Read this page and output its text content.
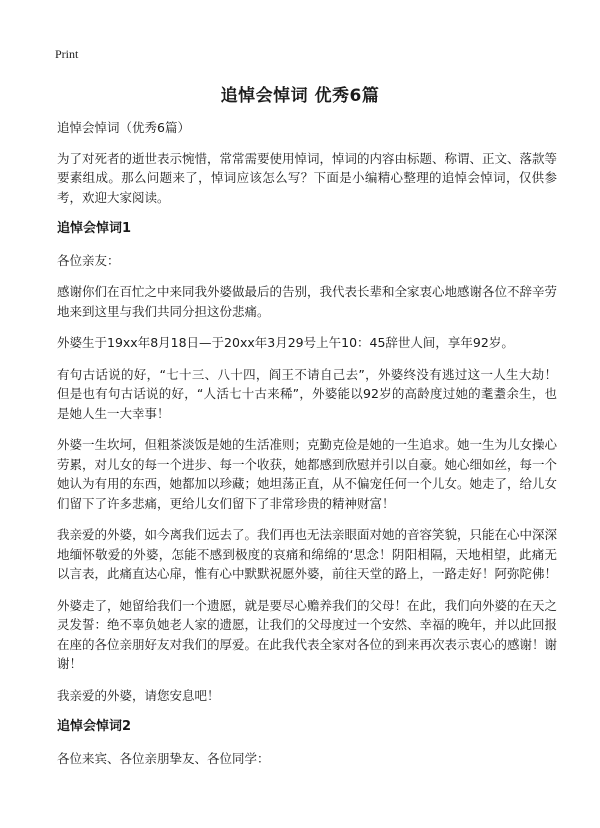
Print
追悼会悼词 优秀6篇

追悼会悼词（优秀6篇）

为了对死者的逝世表示惋惜，常常需要使用悼词，悼词的内容由标题、称谓、正文、落款等要素组成。那么问题来了，悼词应该怎么写？下面是小编精心整理的追悼会悼词，仅供参考，欢迎大家阅读。

追悼会悼词1

各位亲友：

感谢你们在百忙之中来同我外婆做最后的告别，我代表长辈和全家衷心地感谢各位不辞辛劳地来到这里与我们共同分担这份悲痛。

外婆生于19xx年8月18日—于20xx年3月29号上午10：45辞世人间，享年92岁。

有句古话说的好，“七十三、八十四，阎王不请自己去”，外婆终没有逃过这一人生大劫！但是也有句古话说的好，“人活七十古来稀”，外婆能以92岁的高龄度过她的耄耋余生，也是她人生一大幸事！

外婆一生坎坷，但粗茶淡饭是她的生活准则；克勤克俭是她的一生追求。她一生为儿女操心劳累，对儿女的每一个进步、每一个收获，她都感到欣慰并引以自豪。她心细如丝，每一个她认为有用的东西，她都加以珍藏；她坦荡正直，从不偏宠任何一个儿女。她走了，给儿女们留下了许多悲痛，更给儿女们留下了非常珍贵的精神财富！

我亲爱的外婆，如今离我们远去了。我们再也无法亲眼面对她的音容笑貌，只能在心中深深地缅怀敬爱的外婆，怎能不感到极度的哀痛和绵绵的‘思念！阴阳相隔，天地相望，此痛无以言表，此痛直达心扉，惟有心中默默祝愿外婆，前往天堂的路上，一路走好！阿弥陀佛！

外婆走了，她留给我们一个遗愿，就是要尽心赡养我们的父母！在此，我们向外婆的在天之灵发誓：绝不辜负她老人家的遗愿，让我们的父母度过一个安然、幸福的晚年，并以此回报在座的各位亲朋好友对我们的厚爱。在此我代表全家对各位的到来再次表示衷心的感谢！谢谢！

我亲爱的外婆，请您安息吧！

追悼会悼词2

各位来宾、各位亲朋挚友、各位同学：
